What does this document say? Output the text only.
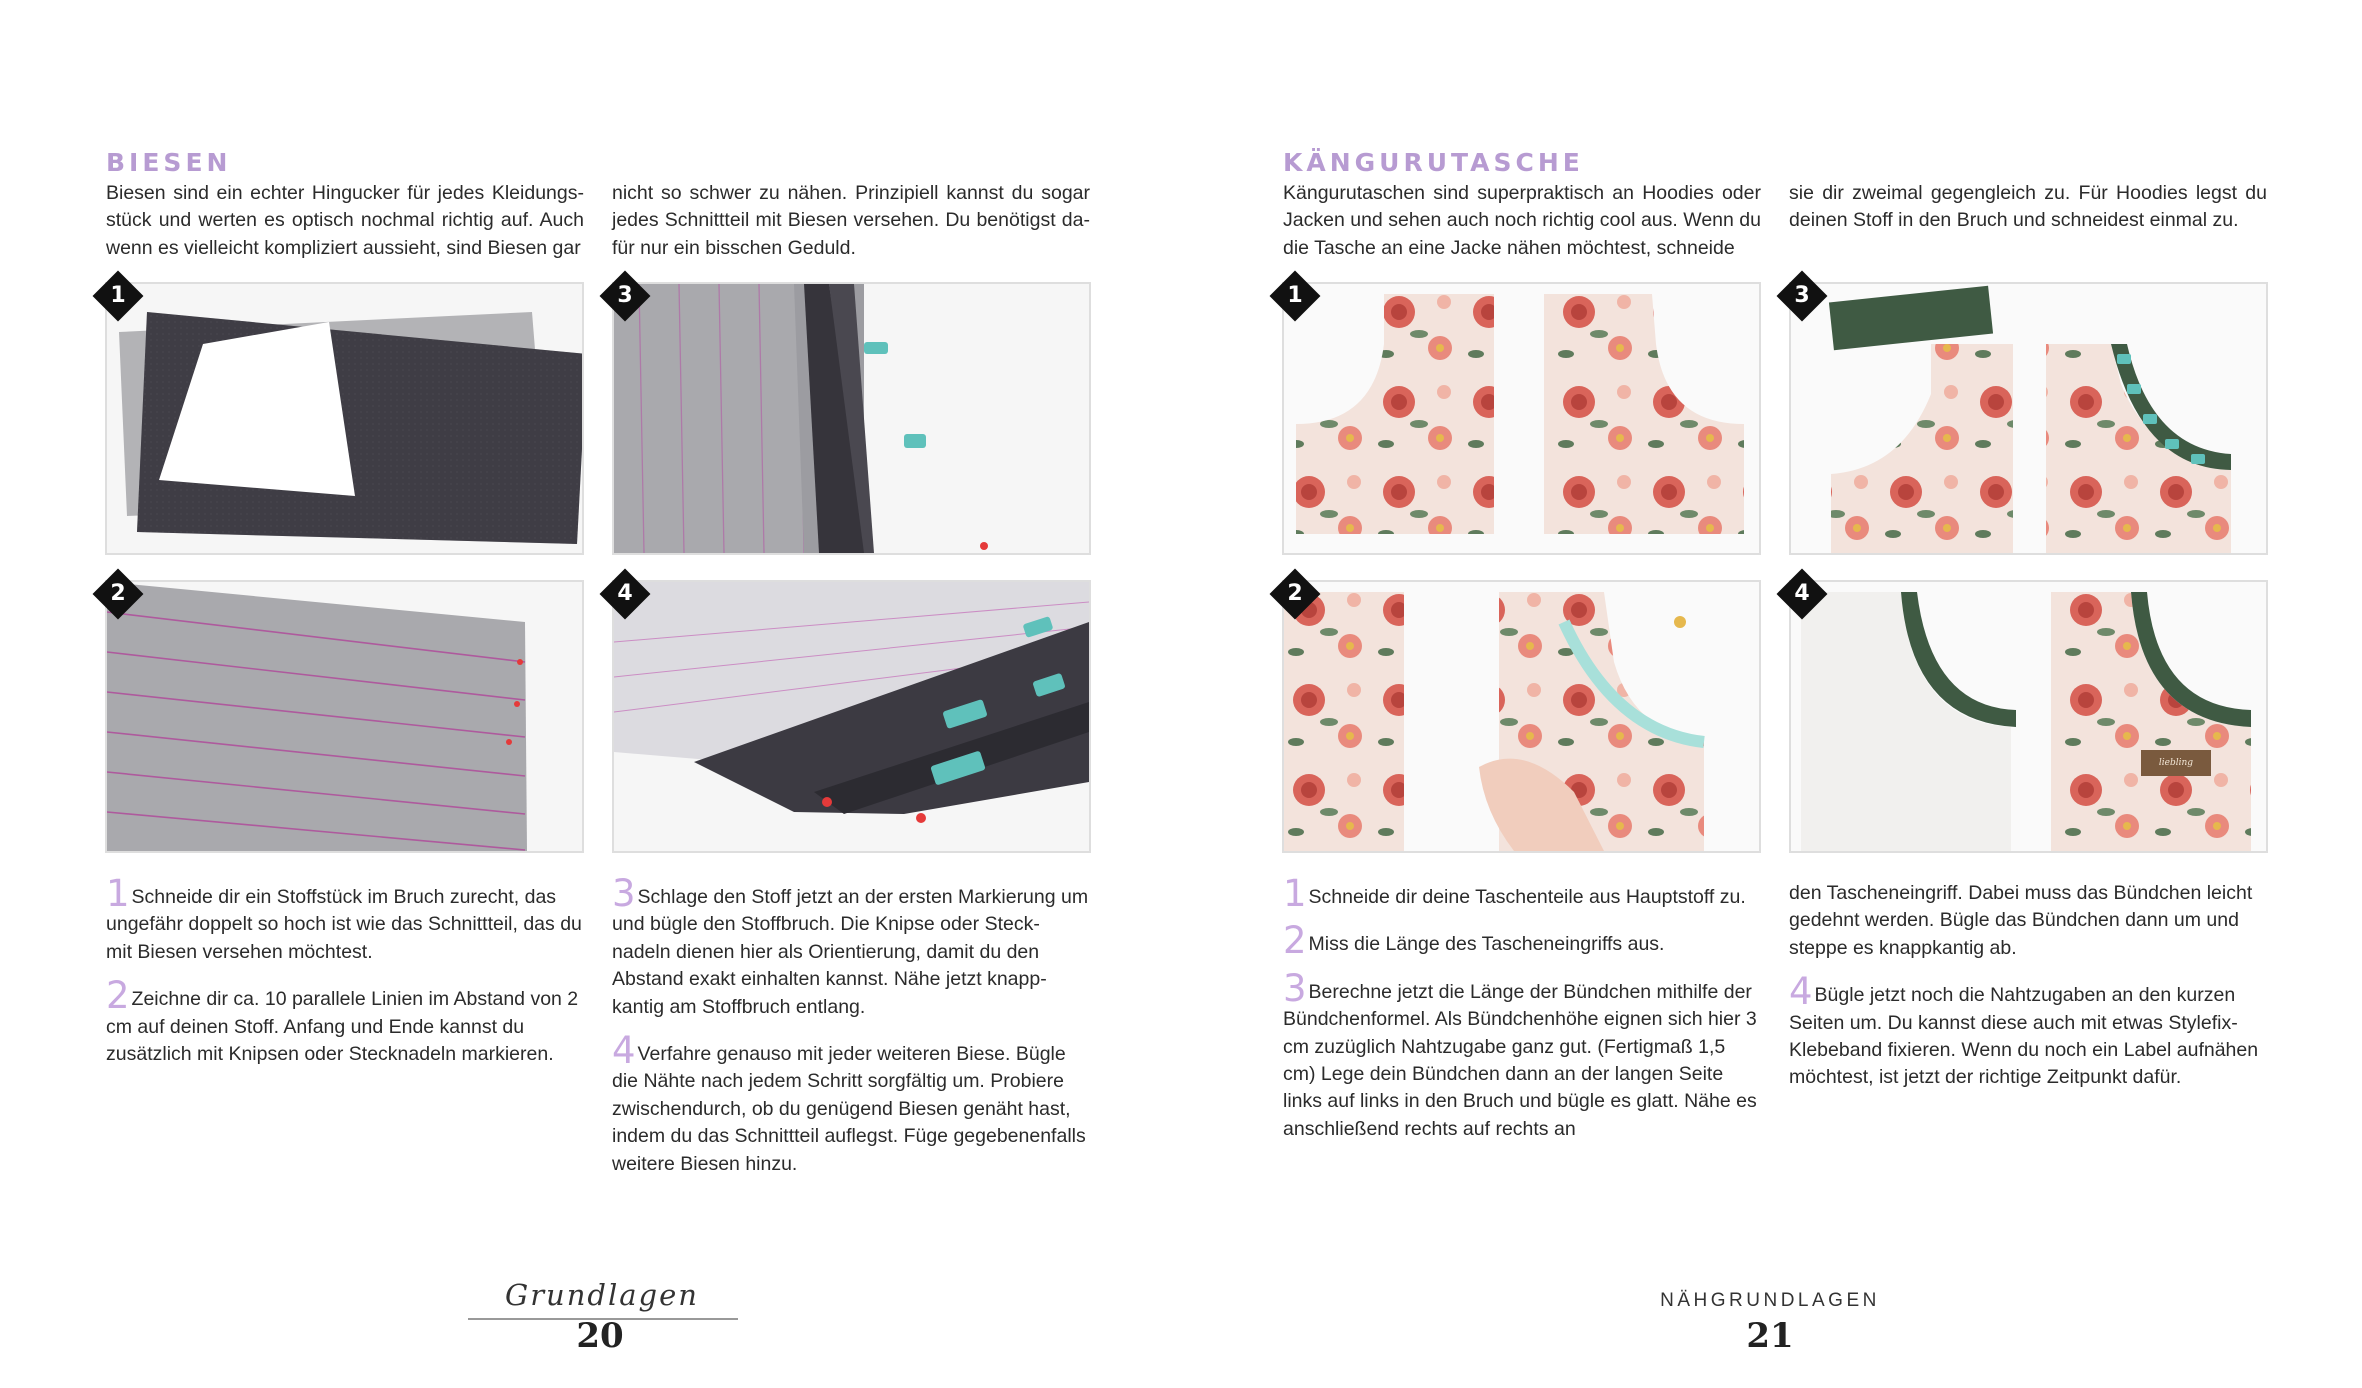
BIESEN
Biesen sind ein echter Hingucker für jedes Kleidungsstück und werten es optisch nochmal richtig auf. Auch wenn es vielleicht kompliziert aussieht, sind Biesen gar
nicht so schwer zu nähen. Prinzipiell kannst du sogar jedes Schnittteil mit Biesen versehen. Du benötigst dafür nur ein bisschen Geduld.
1	3
2	4

1 Schneide dir ein Stoffstück im Bruch zurecht, das ungefähr doppelt so hoch ist wie das Schnittteil, das du mit Biesen versehen möchtest.

2 Zeichne dir ca. 10 parallele Linien im Abstand von 2 cm auf deinen Stoff. Anfang und Ende kannst du zusätzlich mit Knipsen oder Stecknadeln markieren.

3 Schlage den Stoff jetzt an der ersten Markierung um und bügle den Stoffbruch. Die Knipse oder Stecknadeln dienen hier als Orientierung, damit du den Abstand exakt einhalten kannst. Nähe jetzt knappkantig am Stoffbruch entlang.

4 Verfahre genauso mit jeder weiteren Biese. Bügle die Nähte nach jedem Schritt sorgfältig um. Probiere zwischendurch, ob du genügend Biesen genäht hast, indem du das Schnittteil auflegst. Füge gegebenenfalls weitere Biesen hinzu.

Grundlagen
20
KÄNGURUTASCHE
Kängurutaschen sind superpraktisch an Hoodies oder Jacken und sehen auch noch richtig cool aus. Wenn du die Tasche an eine Jacke nähen möchtest, schneide
sie dir zweimal gegengleich zu. Für Hoodies legst du deinen Stoff in den Bruch und schneidest einmal zu.
1	3
2
liebling
4

1 Schneide dir deine Taschenteile aus Hauptstoff zu.

2 Miss die Länge des Tascheneingriffs aus.

3 Berechne jetzt die Länge der Bündchen mithilfe der Bündchenformel. Als Bündchenhöhe eignen sich hier 3 cm zuzüglich Nahtzugabe ganz gut. (Fertigmaß 1,5 cm) Lege dein Bündchen dann an der langen Seite links auf links in den Bruch und bügle es glatt. Nähe es anschließend rechts auf rechts an

den Tascheneingriff. Dabei muss das Bündchen leicht gedehnt werden. Bügle das Bündchen dann um und steppe es knappkantig ab.

4 Bügle jetzt noch die Nahtzugaben an den kurzen Seiten um. Du kannst diese auch mit etwas Stylefix-Klebeband fixieren. Wenn du noch ein Label aufnähen möchtest, ist jetzt der richtige Zeitpunkt dafür.

NÄHGRUNDLAGEN
21
